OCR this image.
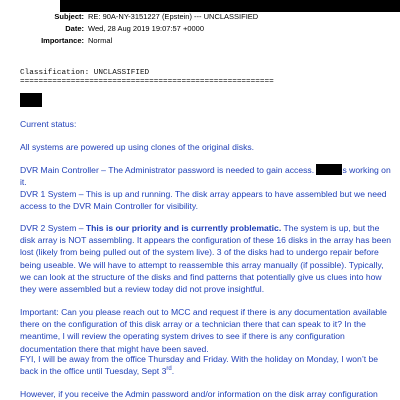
Subject: RE: 90A-NY-3151227 (Epstein) --- UNCLASSIFIED
Date: Wed, 28 Aug 2019 19:07:57 +0000
Importance: Normal
Classification: UNCLASSIFIED
=======================================================
Current status:
All systems are powered up using clones of the original disks.
DVR Main Controller – The Administrator password is needed to gain access.	s working on it.
DVR 1 System – This is up and running. The disk array appears to have assembled but we need access to the DVR Main Controller for visibility.
DVR 2 System – This is our priority and is currently problematic. The system is up, but the disk array is NOT assembling. It appears the configuration of these 16 disks in the array has been lost (likely from being pulled out of the system live). 3 of the disks had to undergo repair before being useable. We will have to attempt to reassemble this array manually (if possible). Typically, we can look at the structure of the disks and find patterns that potentially give us clues into how they were assembled but a review today did not prove insightful.
Important: Can you please reach out to MCC and request if there is any documentation available there on the configuration of this disk array or a technician there that can speak to it? In the meantime, I will review the operating system drives to see if there is any configuration documentation there that might have been saved.
FYI, I will be away from the office Thursday and Friday. With the holiday on Monday, I won’t be back in the office until Tuesday, Sept 3rd.
However, if you receive the Admin password and/or information on the disk array configuration
